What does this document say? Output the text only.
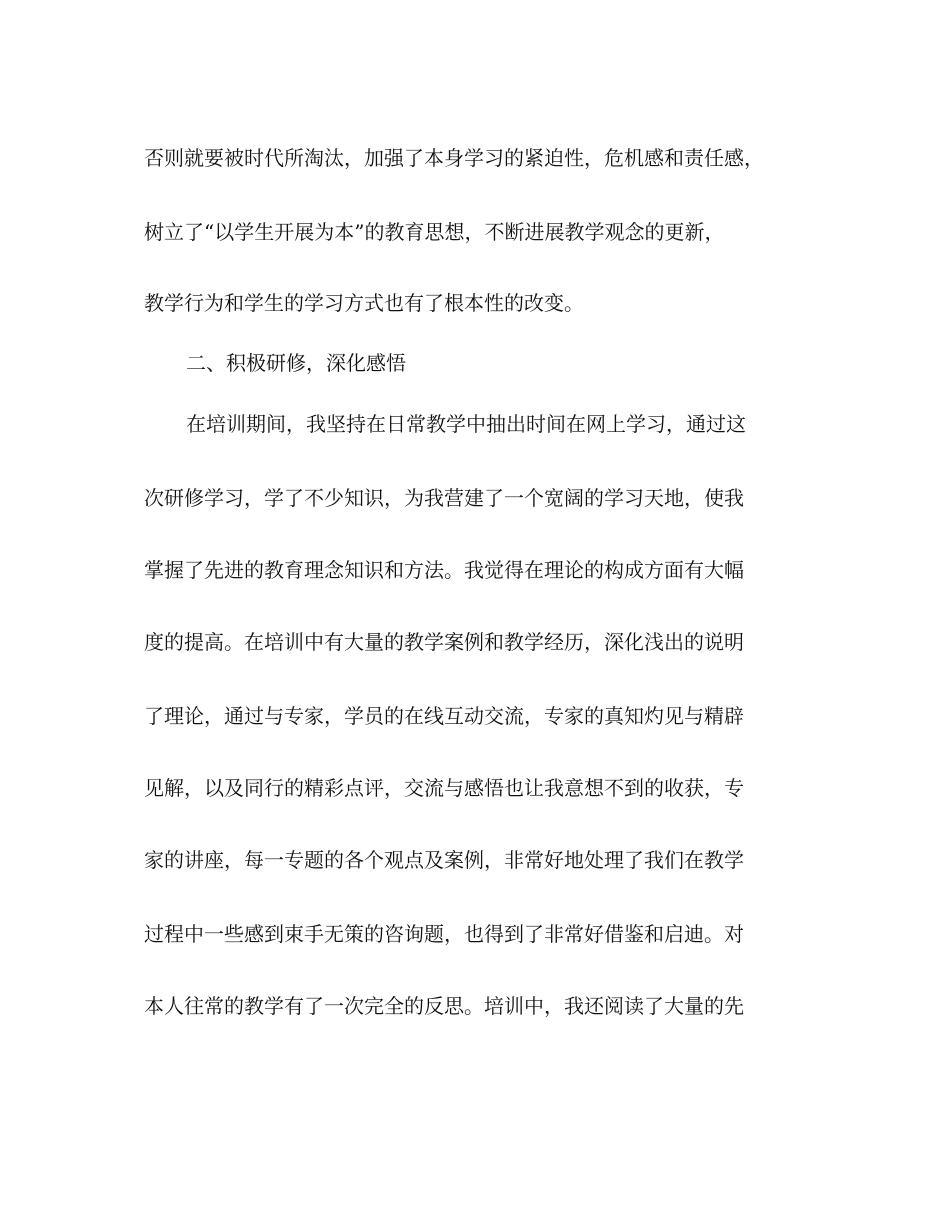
否则就要被时代所淘汰，加强了本身学习的紧迫性，危机感和责任感，
树立了“以学生开展为本”的教育思想，不断进展教学观念的更新，
教学行为和学生的学习方式也有了根本性的改变。
二、积极研修，深化感悟
在培训期间，我坚持在日常教学中抽出时间在网上学习，通过这
次研修学习，学了不少知识，为我营建了一个宽阔的学习天地，使我
掌握了先进的教育理念知识和方法。我觉得在理论的构成方面有大幅
度的提高。在培训中有大量的教学案例和教学经历，深化浅出的说明
了理论，通过与专家，学员的在线互动交流，专家的真知灼见与精辟
见解，以及同行的精彩点评，交流与感悟也让我意想不到的收获，专
家的讲座，每一专题的各个观点及案例，非常好地处理了我们在教学
过程中一些感到束手无策的咨询题，也得到了非常好借鉴和启迪。对
本人往常的教学有了一次完全的反思。培训中，我还阅读了大量的先
